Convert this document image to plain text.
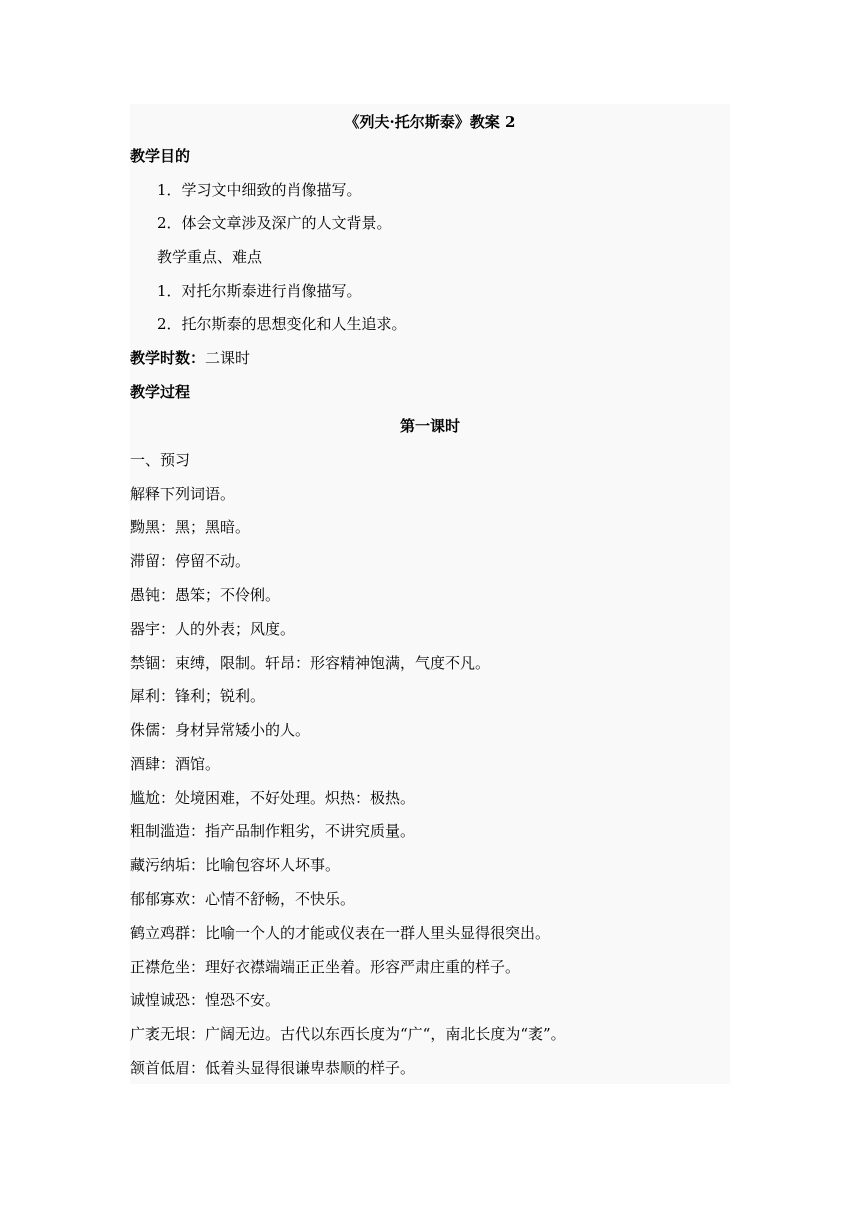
《列夫·托尔斯泰》教案 2
教学目的
1．学习文中细致的肖像描写。
2．体会文章涉及深广的人文背景。
教学重点、难点
1．对托尔斯泰进行肖像描写。
2．托尔斯泰的思想变化和人生追求。
教学时数：二课时
教学过程
第一课时
一、预习
解释下列词语。
黝黑：黑；黑暗。
滞留：停留不动。
愚钝：愚笨；不伶俐。
器宇：人的外表；风度。
禁锢：束缚，限制。轩昂：形容精神饱满，气度不凡。
犀利：锋利；锐利。
侏儒：身材异常矮小的人。
酒肆：酒馆。
尴尬：处境困难，不好处理。炽热：极热。
粗制滥造：指产品制作粗劣，不讲究质量。
藏污纳垢：比喻包容坏人坏事。
郁郁寡欢：心情不舒畅，不快乐。
鹤立鸡群：比喻一个人的才能或仪表在一群人里头显得很突出。
正襟危坐：理好衣襟端端正正坐着。形容严肃庄重的样子。
诚惶诚恐：惶恐不安。
广袤无垠：广阔无边。古代以东西长度为“广“，南北长度为“袤”。
颔首低眉：低着头显得很谦卑恭顺的样子。
